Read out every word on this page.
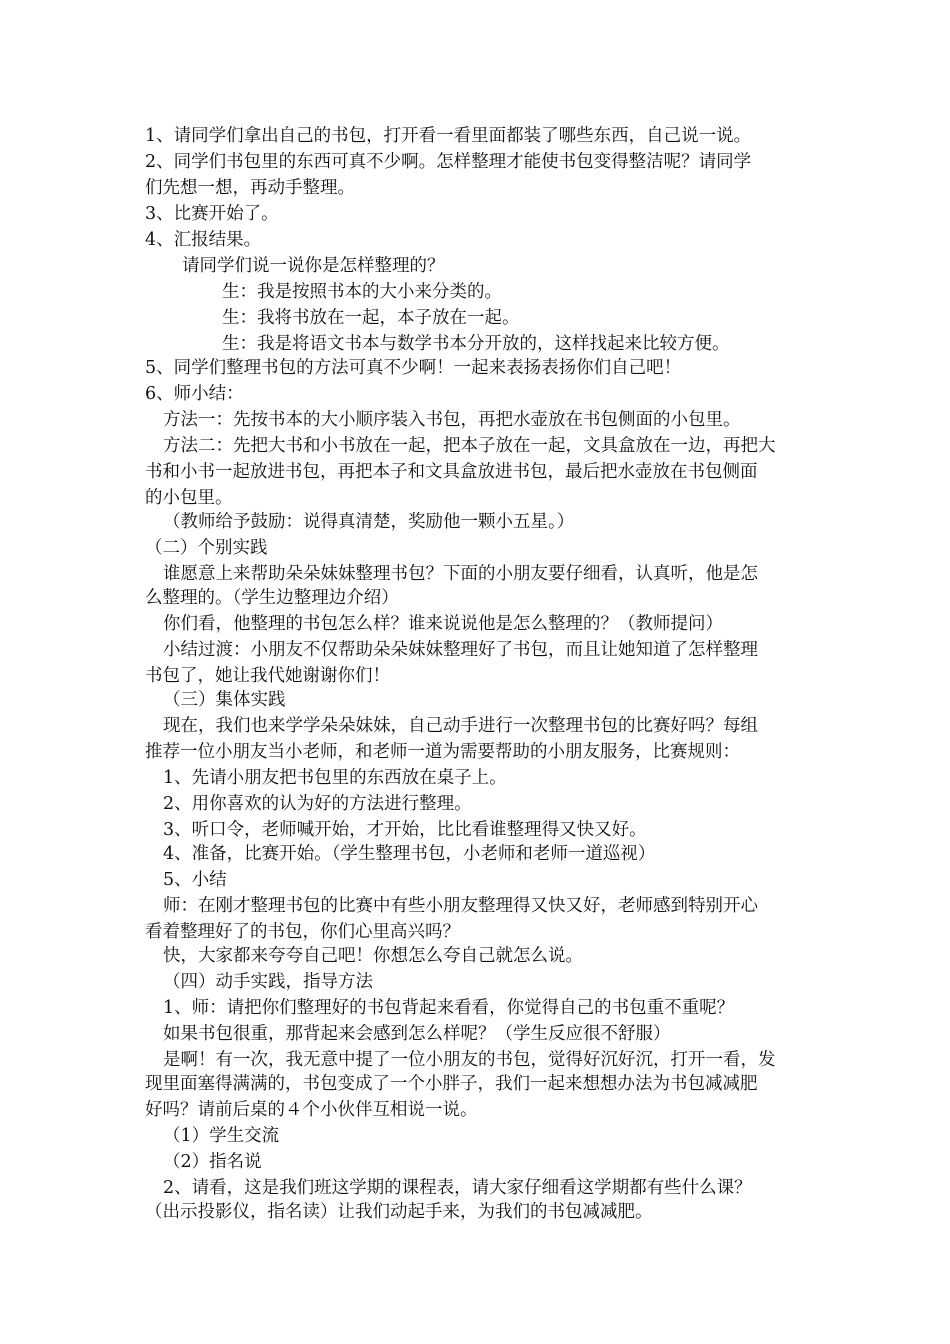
1、请同学们拿出自己的书包，打开看一看里面都装了哪些东西，自己说一说。
2、同学们书包里的东西可真不少啊。怎样整理才能使书包变得整洁呢？请同学
们先想一想，再动手整理。
3、比赛开始了。
4、汇报结果。
请同学们说一说你是怎样整理的？
生：我是按照书本的大小来分类的。
生：我将书放在一起，本子放在一起。
生：我是将语文书本与数学书本分开放的，这样找起来比较方便。
5、同学们整理书包的方法可真不少啊！一起来表扬表扬你们自己吧！
6、师小结：
方法一：先按书本的大小顺序装入书包，再把水壶放在书包侧面的小包里。
方法二：先把大书和小书放在一起，把本子放在一起，文具盒放在一边，再把大
书和小书一起放进书包，再把本子和文具盒放进书包，最后把水壶放在书包侧面
的小包里。
（教师给予鼓励：说得真清楚，奖励他一颗小五星。）
（二）个别实践
谁愿意上来帮助朵朵妹妹整理书包？下面的小朋友要仔细看，认真听，他是怎
么整理的。（学生边整理边介绍）
你们看，他整理的书包怎么样？谁来说说他是怎么整理的？（教师提问）
小结过渡：小朋友不仅帮助朵朵妹妹整理好了书包，而且让她知道了怎样整理
书包了，她让我代她谢谢你们！
（三）集体实践
现在，我们也来学学朵朵妹妹，自己动手进行一次整理书包的比赛好吗？每组
推荐一位小朋友当小老师，和老师一道为需要帮助的小朋友服务，比赛规则：
1、先请小朋友把书包里的东西放在桌子上。
2、用你喜欢的认为好的方法进行整理。
3、听口令，老师喊开始，才开始，比比看谁整理得又快又好。
4、准备，比赛开始。（学生整理书包，小老师和老师一道巡视）
5、小结
师：在刚才整理书包的比赛中有些小朋友整理得又快又好，老师感到特别开心
看着整理好了的书包，你们心里高兴吗？
快，大家都来夸夸自己吧！你想怎么夸自己就怎么说。
（四）动手实践，指导方法
1、师：请把你们整理好的书包背起来看看，你觉得自己的书包重不重呢？
如果书包很重，那背起来会感到怎么样呢？（学生反应很不舒服）
是啊！有一次，我无意中提了一位小朋友的书包，觉得好沉好沉，打开一看，发
现里面塞得满满的，书包变成了一个小胖子，我们一起来想想办法为书包减减肥
好吗？请前后桌的４个小伙伴互相说一说。
（1）学生交流
（2）指名说
2、请看，这是我们班这学期的课程表，请大家仔细看这学期都有些什么课？
（出示投影仪，指名读）让我们动起手来，为我们的书包减减肥。
